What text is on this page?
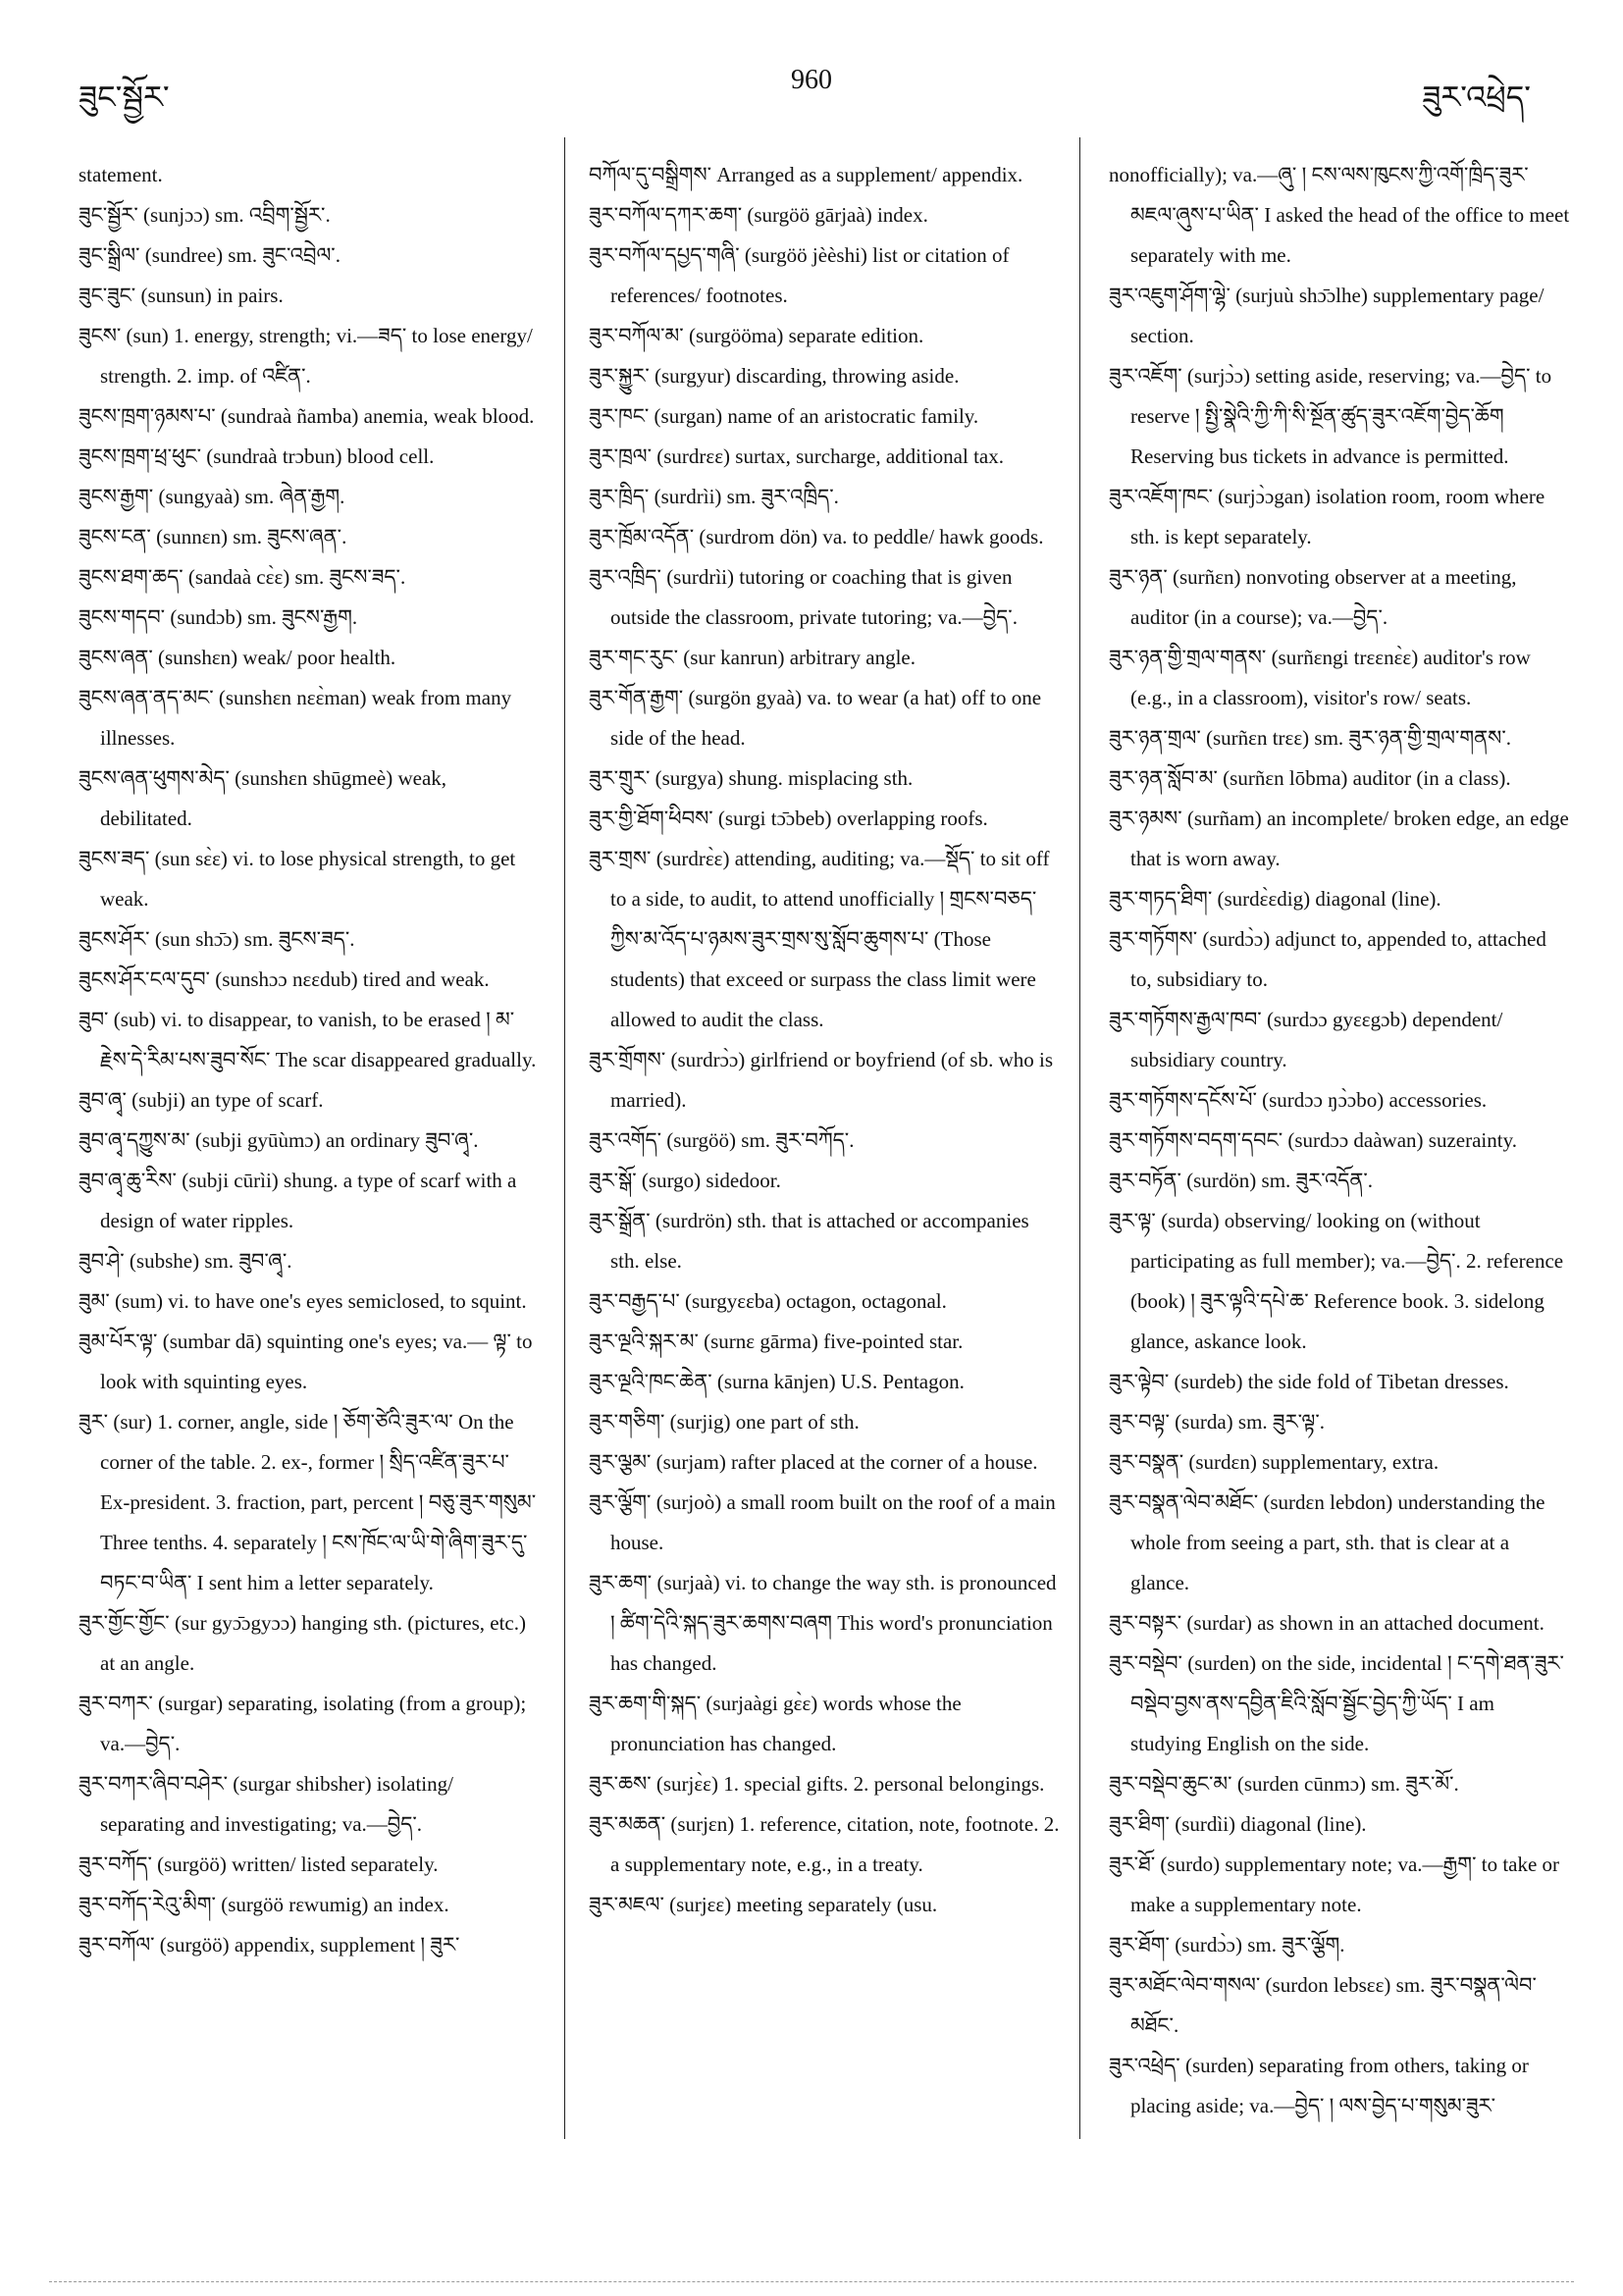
ཟུང་སྦྱོར་	960	ཟུར་འཕྲེད་

statement.

ཟུང་སྦྱོར་ (sunjɔɔ) sm. འབྲིག་སྦྱོར་.

ཟུང་སྒྲིལ་ (sundree) sm. ཟུང་འབྲེལ་.

ཟུང་ཟུང་ (sunsun) in pairs.

ཟུངས་ (sun) 1. energy, strength; vi.—ཟད་ to lose energy/ strength. 2. imp. of འཛིན་.

ཟུངས་ཁྲག་ཉམས་པ་ (sundraà ñamba) anemia, weak blood.

ཟུངས་ཁྲག་ཕྲ་ཕུང་ (sundraà trɔbun) blood cell.

ཟུངས་རྒྱག་ (sungyaà) sm. ཞེན་རྒྱག.

ཟུངས་ངན་ (sunnɛn) sm. ཟུངས་ཞན་.

ཟུངས་ཐག་ཆད་ (sandaà cɛ̀ɛ) sm. ཟུངས་ཟད་.

ཟུངས་གདབ་ (sundɔb) sm. ཟུངས་རྒྱག.

ཟུངས་ཞན་ (sunshɛn) weak/ poor health.

ཟུངས་ཞན་ནད་མང་ (sunshɛn nɛɛ̀man) weak from many illnesses.

ཟུངས་ཞན་ཕུགས་མེད་ (sunshɛn shūgmeè) weak, debilitated.

ཟུངས་ཟད་ (sun sɛ̀ɛ) vi. to lose physical strength, to get weak.

ཟུངས་ཤོར་ (sun shɔ̄ɔ) sm. ཟུངས་ཟད་.

ཟུངས་ཤོར་ངལ་དུབ་ (sunshɔɔ nɛɛdub) tired and weak.

ཟུབ་ (sub) vi. to disappear, to vanish, to be erased ། མ་རྗེས་དེ་རིམ་པས་ཟུབ་སོང་ The scar disappeared gradually.

ཟུབ་ཞྭ་ (subji) an type of scarf.

ཟུབ་ཞྭ་དཀྱུས་མ་ (subji gyūùmɔ) an ordinary ཟུབ་ཞྭ་.

ཟུབ་ཞྭ་ཆུ་རིས་ (subji cūrìi) shung. a type of scarf with a design of water ripples.

ཟུབ་ཤེ་ (subshe) sm. ཟུབ་ཞྭ་.

ཟུམ་ (sum) vi. to have one's eyes semiclosed, to squint.

ཟུམ་པོར་ལྟ་ (sumbar dā) squinting one's eyes; va.— ལྟ་ to look with squinting eyes.

ཟུར་ (sur) 1. corner, angle, side ། ཅོག་ཙེའི་ཟུར་ལ་ On the corner of the table. 2. ex-, former ། སྲིད་འཛིན་ཟུར་པ་ Ex-president. 3. fraction, part, percent ། བཅུ་ཟུར་གསུམ་ Three tenths. 4. separately ། ངས་ཁོང་ལ་ཡི་གེ་ཞིག་ཟུར་དུ་བཏང་བ་ཡིན་ I sent him a letter separately.

ཟུར་གྱོང་གྱོང་ (sur gyɔ̄ɔgyɔɔ) hanging sth. (pictures, etc.) at an angle.

ཟུར་བཀར་ (surgar) separating, isolating (from a group); va.—བྱེད་.

ཟུར་བཀར་ཞིབ་བཤེར་ (surgar shibsher) isolating/ separating and investigating; va.—བྱེད་.

ཟུར་བཀོད་ (surgöö) written/ listed separately.

ཟུར་བཀོད་རེའུ་མིག་ (surgöö rɛwumig) an index.

ཟུར་བཀོལ་ (surgöö) appendix, supplement ། ཟུར་

བཀོལ་དུ་བསྒྲིགས་ Arranged as a supplement/ appendix.

ཟུར་བཀོལ་དཀར་ཆག་ (surgöö gārjaà) index.

ཟུར་བཀོལ་དཔྱད་གཞི་ (surgöö jèèshi) list or citation of references/ footnotes.

ཟུར་བཀོལ་མ་ (surgööma) separate edition.

ཟུར་སྐྱུར་ (surgyur) discarding, throwing aside.

ཟུར་ཁང་ (surgan) name of an aristocratic family.

ཟུར་ཁྲལ་ (surdrɛɛ) surtax, surcharge, additional tax.

ཟུར་ཁྲིད་ (surdrìi) sm. ཟུར་འཁྲིད་.

ཟུར་ཁྲོམ་འདོན་ (surdrom dön) va. to peddle/ hawk goods.

ཟུར་འཁྲིད་ (surdrìi) tutoring or coaching that is given outside the classroom, private tutoring; va.—བྱེད་.

ཟུར་གང་རུང་ (sur kanrun) arbitrary angle.

ཟུར་གོན་རྒྱག་ (surgön gyaà) va. to wear (a hat) off to one side of the head.

ཟུར་གྲུར་ (surgya) shung. misplacing sth.

ཟུར་གྱི་ཐོག་ཕིབས་ (surgi tɔ̄ɔbeb) overlapping roofs.

ཟུར་གྲས་ (surdrɛ̀ɛ) attending, auditing; va.—སྡོད་ to sit off to a side, to audit, to attend unofficially ། གྲངས་བཅད་ཀྱིས་མ་འོད་པ་ཉམས་ཟུར་གྲས་སུ་སློབ་ཆུགས་པ་ (Those students) that exceed or surpass the class limit were allowed to audit the class.

ཟུར་གྲོགས་ (surdrɔ̀ɔ) girlfriend or boyfriend (of sb. who is married).

ཟུར་འགོད་ (surgöö) sm. ཟུར་བཀོད་.

ཟུར་སྒོ་ (surgo) sidedoor.

ཟུར་སྒྲོན་ (surdrön) sth. that is attached or accompanies sth. else.

ཟུར་བརྒྱད་པ་ (surgyɛɛba) octagon, octagonal.

ཟུར་ལྔའི་སྐར་མ་ (surnɛ gārma) five-pointed star.

ཟུར་ལྔའི་ཁང་ཆེན་ (surna kānjen) U.S. Pentagon.

ཟུར་གཅིག་ (surjig) one part of sth.

ཟུར་ལྕམ་ (surjam) rafter placed at the corner of a house.

ཟུར་ལྕོག་ (surjoò) a small room built on the roof of a main house.

ཟུར་ཆག་ (surjaà) vi. to change the way sth. is pronounced ། ཚིག་དེའི་སྐད་ཟུར་ཆགས་བཞག This word's pronunciation has changed.

ཟུར་ཆག་གི་སྐད་ (surjaàgi gɛ̀ɛ) words whose the pronunciation has changed.

ཟུར་ཆས་ (surjɛ̀ɛ) 1. special gifts. 2. personal belongings.

ཟུར་མཆན་ (surjɛn) 1. reference, citation, note, footnote. 2. a supplementary note, e.g., in a treaty.

ཟུར་མཇལ་ (surjɛɛ) meeting separately (usu.

nonofficially); va.—ཞུ་ ། ངས་ལས་ཁུངས་ཀྱི་འགོ་ཁྲིད་ཟུར་མཇལ་ཞུས་པ་ཡིན་ I asked the head of the office to meet separately with me.

ཟུར་འཇུག་ཤོག་ལྷེ་ (surjuù shɔ̄ɔlhe) supplementary page/ section.

ཟུར་འཇོག་ (surjɔ̀ɔ) setting aside, reserving; va.—བྱེད་ to reserve ། སྤྱི་སྣེའི་ཀྱི་ཀི་སི་སྔོན་ཚུད་ཟུར་འཇོག་བྱེད་ཆོག Reserving bus tickets in advance is permitted.

ཟུར་འཇོག་ཁང་ (surjɔ̀ɔgan) isolation room, room where sth. is kept separately.

ཟུར་ཉན་ (surñɛn) nonvoting observer at a meeting, auditor (in a course); va.—བྱེད་.

ཟུར་ཉན་གྱི་གྲལ་གནས་ (surñɛngi trɛɛnɛ̀ɛ) auditor's row (e.g., in a classroom), visitor's row/ seats.

ཟུར་ཉན་གྲལ་ (surñɛn trɛɛ) sm. ཟུར་ཉན་གྱི་གྲལ་གནས་.

ཟུར་ཉན་སློབ་མ་ (surñɛn lōbma) auditor (in a class).

ཟུར་ཉམས་ (surñam) an incomplete/ broken edge, an edge that is worn away.

ཟུར་གཏད་ཐིག་ (surdɛ̀ɛdig) diagonal (line).

ཟུར་གཏོགས་ (surdɔ̀ɔ) adjunct to, appended to, attached to, subsidiary to.

ཟུར་གཏོགས་རྒྱལ་ཁབ་ (surdɔɔ gyɛɛgɔb) dependent/ subsidiary country.

ཟུར་གཏོགས་དངོས་པོ་ (surdɔɔ ŋɔ̀ɔbo) accessories.

ཟུར་གཏོགས་བདག་དབང་ (surdɔɔ daàwan) suzerainty.

ཟུར་བཏོན་ (surdön) sm. ཟུར་འདོན་.

ཟུར་ལྟ་ (surda) observing/ looking on (without participating as full member); va.—བྱེད་. 2. reference (book) ། ཟུར་ལྟའི་དཔེ་ཆ་ Reference book. 3. sidelong glance, askance look.

ཟུར་ལྟེབ་ (surdeb) the side fold of Tibetan dresses.

ཟུར་བལྟ་ (surda) sm. ཟུར་ལྟ་.

ཟུར་བསྣན་ (surdɛn) supplementary, extra.

ཟུར་བསྣན་ལེབ་མཐོང་ (surdɛn lebdon) understanding the whole from seeing a part, sth. that is clear at a glance.

ཟུར་བསྟར་ (surdar) as shown in an attached document.

ཟུར་བསྡེབ་ (surden) on the side, incidental ། ང་དགེ་ཐན་ཟུར་བསྡེབ་བྱས་ནས་དབྱིན་ཇིའི་སློབ་སྦྱོང་བྱེད་ཀྱི་ཡོད་ I am studying English on the side.

ཟུར་བསྡེབ་ཆུང་མ་ (surden cūnmɔ) sm. ཟུར་མོ་.

ཟུར་ཐིག་ (surdìi) diagonal (line).

ཟུར་ཐོ་ (surdo) supplementary note; va.—རྒྱག་ to take or make a supplementary note.

ཟུར་ཐོག་ (surdɔ̀ɔ) sm. ཟུར་ལྕོག.

ཟུར་མཐོང་ལེབ་གསལ་ (surdon lebsɛɛ) sm. ཟུར་བསྣན་ལེབ་མཐོང་.

ཟུར་འཕྲེད་ (surden) separating from others, taking or placing aside; va.—བྱེད་ ། ལས་བྱེད་པ་གསུམ་ཟུར་
